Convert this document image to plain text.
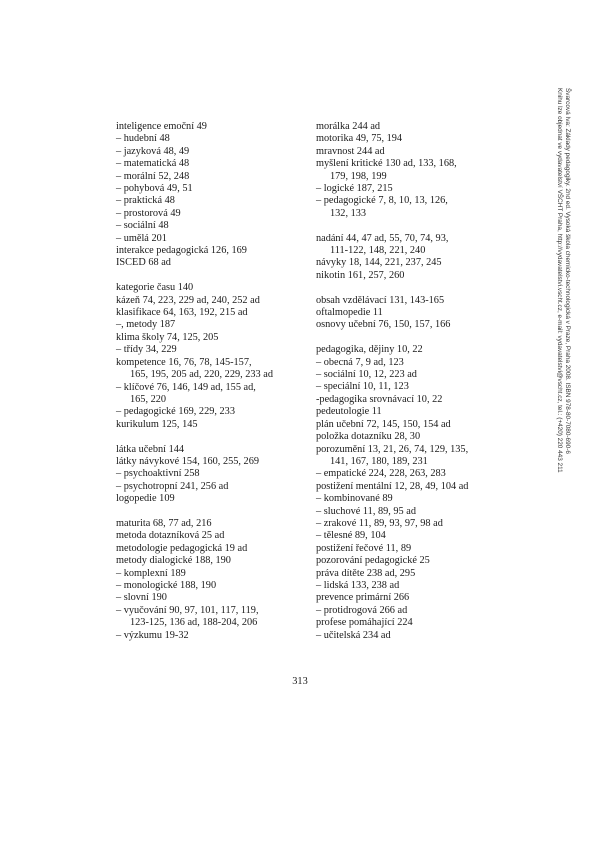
inteligence emoční 49
– hudební 48
– jazyková 48, 49
– matematická 48
– morální 52, 248
– pohybová 49, 51
– praktická 48
– prostorová 49
– sociální 48
– umělá 201
interakce pedagogická 126, 169
ISCED 68 ad
kategorie času 140
kázeň 74, 223, 229 ad, 240, 252 ad
klasifikace 64, 163, 192, 215 ad
–, metody 187
klima školy 74, 125, 205
– třídy 34, 229
kompetence 16, 76, 78, 145-157,
165, 195, 205 ad, 220, 229, 233 ad
– klíčové 76, 146, 149 ad, 155 ad,
165, 220
– pedagogické 169, 229, 233
kurikulum 125, 145
látka učební 144
látky návykové 154, 160, 255, 269
– psychoaktivní 258
– psychotropní 241, 256 ad
logopedie 109
maturita 68, 77 ad, 216
metoda dotazníková 25 ad
metodologie pedagogická 19 ad
metody dialogické 188, 190
– komplexní 189
– monologické 188, 190
– slovní 190
– vyučování 90, 97, 101, 117, 119,
123-125, 136 ad, 188-204, 206
– výzkumu 19-32
morálka 244 ad
motorika 49, 75, 194
mravnost 244 ad
myšlení kritické 130 ad, 133, 168,
179, 198, 199
– logické 187, 215
– pedagogické 7, 8, 10, 13, 126,
132, 133
nadání 44, 47 ad, 55, 70, 74, 93,
111-122, 148, 221, 240
návyky 18, 144, 221, 237, 245
nikotin 161, 257, 260
obsah vzdělávací 131, 143-165
oftalmopedie 11
osnovy učební 76, 150, 157, 166
pedagogika, dějiny 10, 22
– obecná 7, 9 ad, 123
– sociální 10, 12, 223 ad
– speciální 10, 11, 123
-pedagogika srovnávací 10, 22
pedeutologie 11
plán učební 72, 145, 150, 154 ad
položka dotazníku 28, 30
porozumění 13, 21, 26, 74, 129, 135,
141, 167, 180, 189, 231
– empatické 224, 228, 263, 283
postižení mentální 12, 28, 49, 104 ad
– kombinované 89
– sluchové 11, 89, 95 ad
– zrakové 11, 89, 93, 97, 98 ad
– tělesné 89, 104
postižení řečové 11, 89
pozorování pedagogické 25
práva dítěte 238 ad, 295
– lidská 133, 238 ad
prevence primární 266
– protidrogová 266 ad
profese pomáhající 224
– učitelská 234 ad
313
Švarcová Iva: Základy pedagogiky. 2nd ed. Vysoká škola chemicko-technologická v Praze, Praha 2008. ISBN 978-80-7080-690-6
Knihu lze objednat ve vydavatelství VŠCHT Praha, http://vydavatelstvi.vscht.cz, e-mail: vydavatelstvi@vscht.cz, tel.: (+420) 220 443 211
